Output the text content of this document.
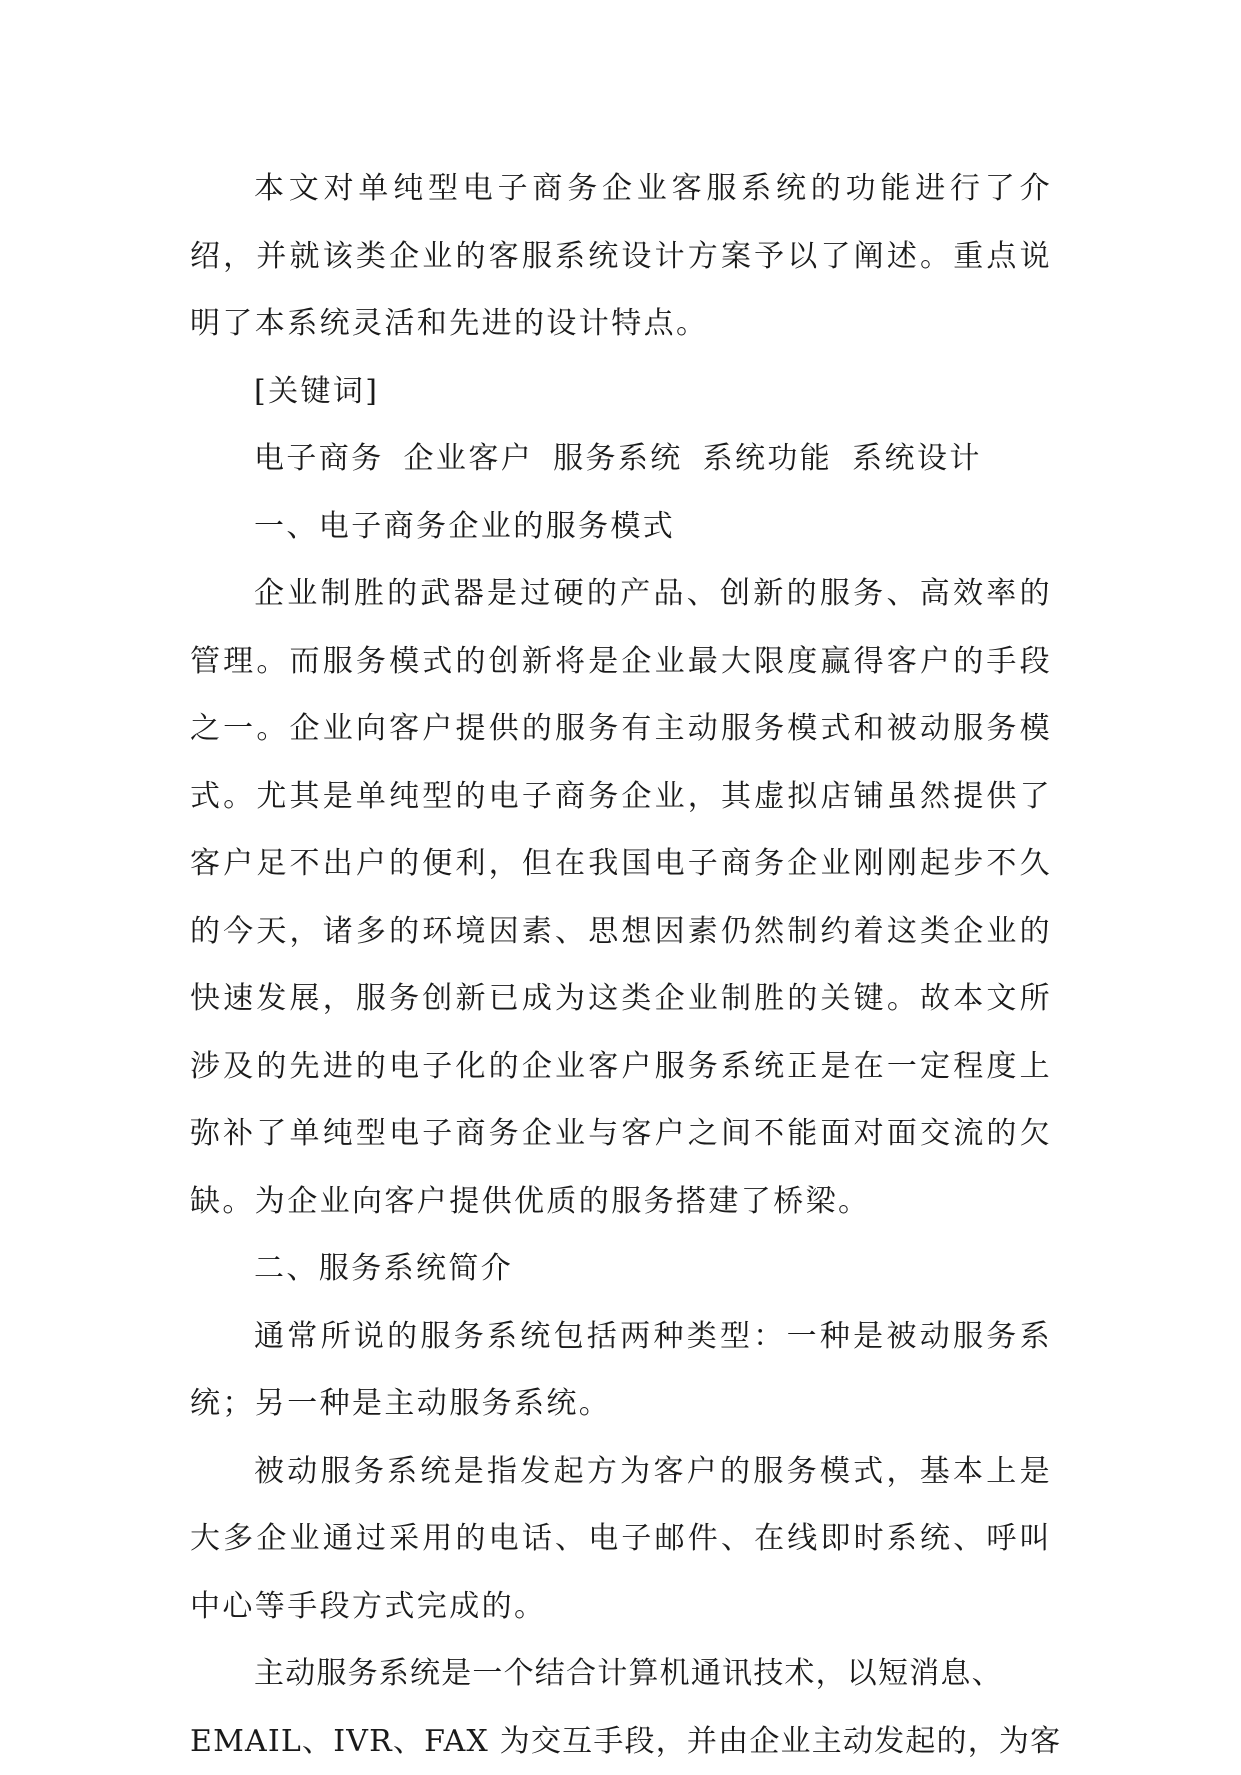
本文对单纯型电子商务企业客服系统的功能进行了介绍，并就该类企业的客服系统设计方案予以了阐述。重点说明了本系统灵活和先进的设计特点。

[关键词]

电子商务 企业客户 服务系统 系统功能 系统设计

一、电子商务企业的服务模式

企业制胜的武器是过硬的产品、创新的服务、高效率的管理。而服务模式的创新将是企业最大限度赢得客户的手段之一。企业向客户提供的服务有主动服务模式和被动服务模式。尤其是单纯型的电子商务企业，其虚拟店铺虽然提供了客户足不出户的便利，但在我国电子商务企业刚刚起步不久的今天，诸多的环境因素、思想因素仍然制约着这类企业的快速发展，服务创新已成为这类企业制胜的关键。故本文所涉及的先进的电子化的企业客户服务系统正是在一定程度上弥补了单纯型电子商务企业与客户之间不能面对面交流的欠缺。为企业向客户提供优质的服务搭建了桥梁。

二、服务系统简介

通常所说的服务系统包括两种类型：一种是被动服务系统；另一种是主动服务系统。

被动服务系统是指发起方为客户的服务模式，基本上是大多企业通过采用的电话、电子邮件、在线即时系统、呼叫中心等手段方式完成的。

主动服务系统是一个结合计算机通讯技术，以短消息、

EMAIL、IVR、FAX 为交互手段，并由企业主动发起的，为客
